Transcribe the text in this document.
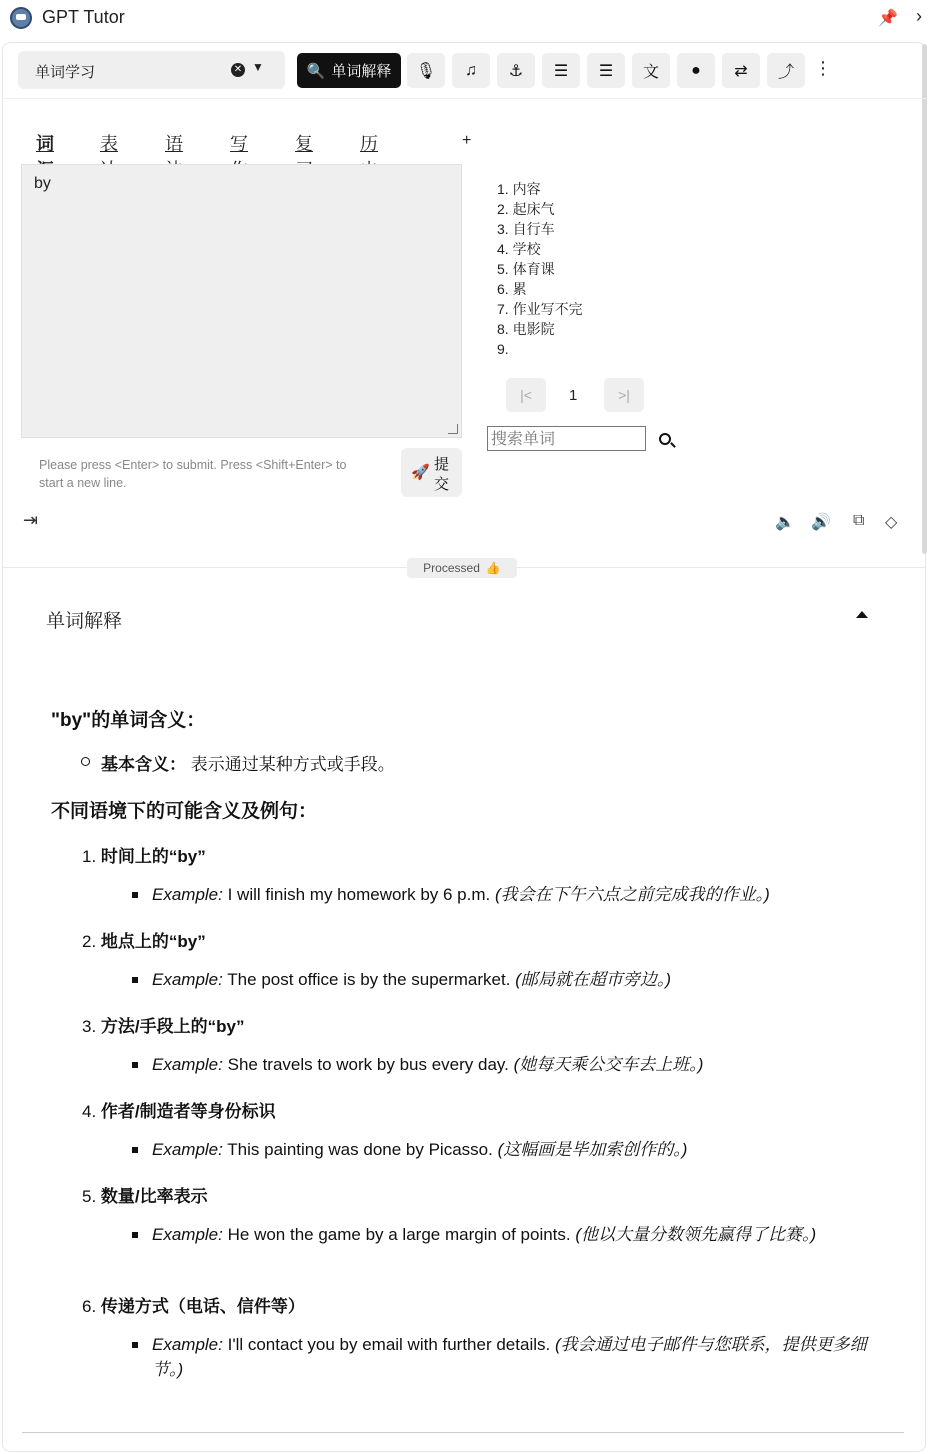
GPT Tutor	📌 ›
单词学习	✕ ▼	🔍 单词解释 🎙 ♫ ⚓ ☰ ☰ 文 ● ⇄ ⤴ ⋮
词	表	语	写	复	历	+
by
Please press <Enter> to submit. Press <Shift+Enter> to start a new line.
🚀 提
交
1. 内容
2. 起床气
3. 自行车
4. 学校
5. 体育课
6. 累
7. 作业写不完
8. 电影院
9.
|< 1	>|
搜索单词
⇥	🔈 🔊 ⧉ ◇
Processed 👍
单词解释
"by"的单词含义：
基本含义： 表示通过某种方式或手段。
不同语境下的可能含义及例句：
1. 时间上的“by”
Example: I will finish my homework by 6 p.m. (我会在下午六点之前完成我的作业。)
2. 地点上的“by”
Example: The post office is by the supermarket. (邮局就在超市旁边。)
3. 方法/手段上的“by”
Example: She travels to work by bus every day. (她每天乘公交车去上班。)
4. 作者/制造者等身份标识
Example: This painting was done by Picasso. (这幅画是毕加索创作的。)
5. 数量/比率表示
Example: He won the game by a large margin of points. (他以大量分数领先赢得了比赛。)
6. 传递方式（电话、信件等）
Example: I'll contact you by email with further details. (我会通过电子邮件与您联系，提供更多细节。)
